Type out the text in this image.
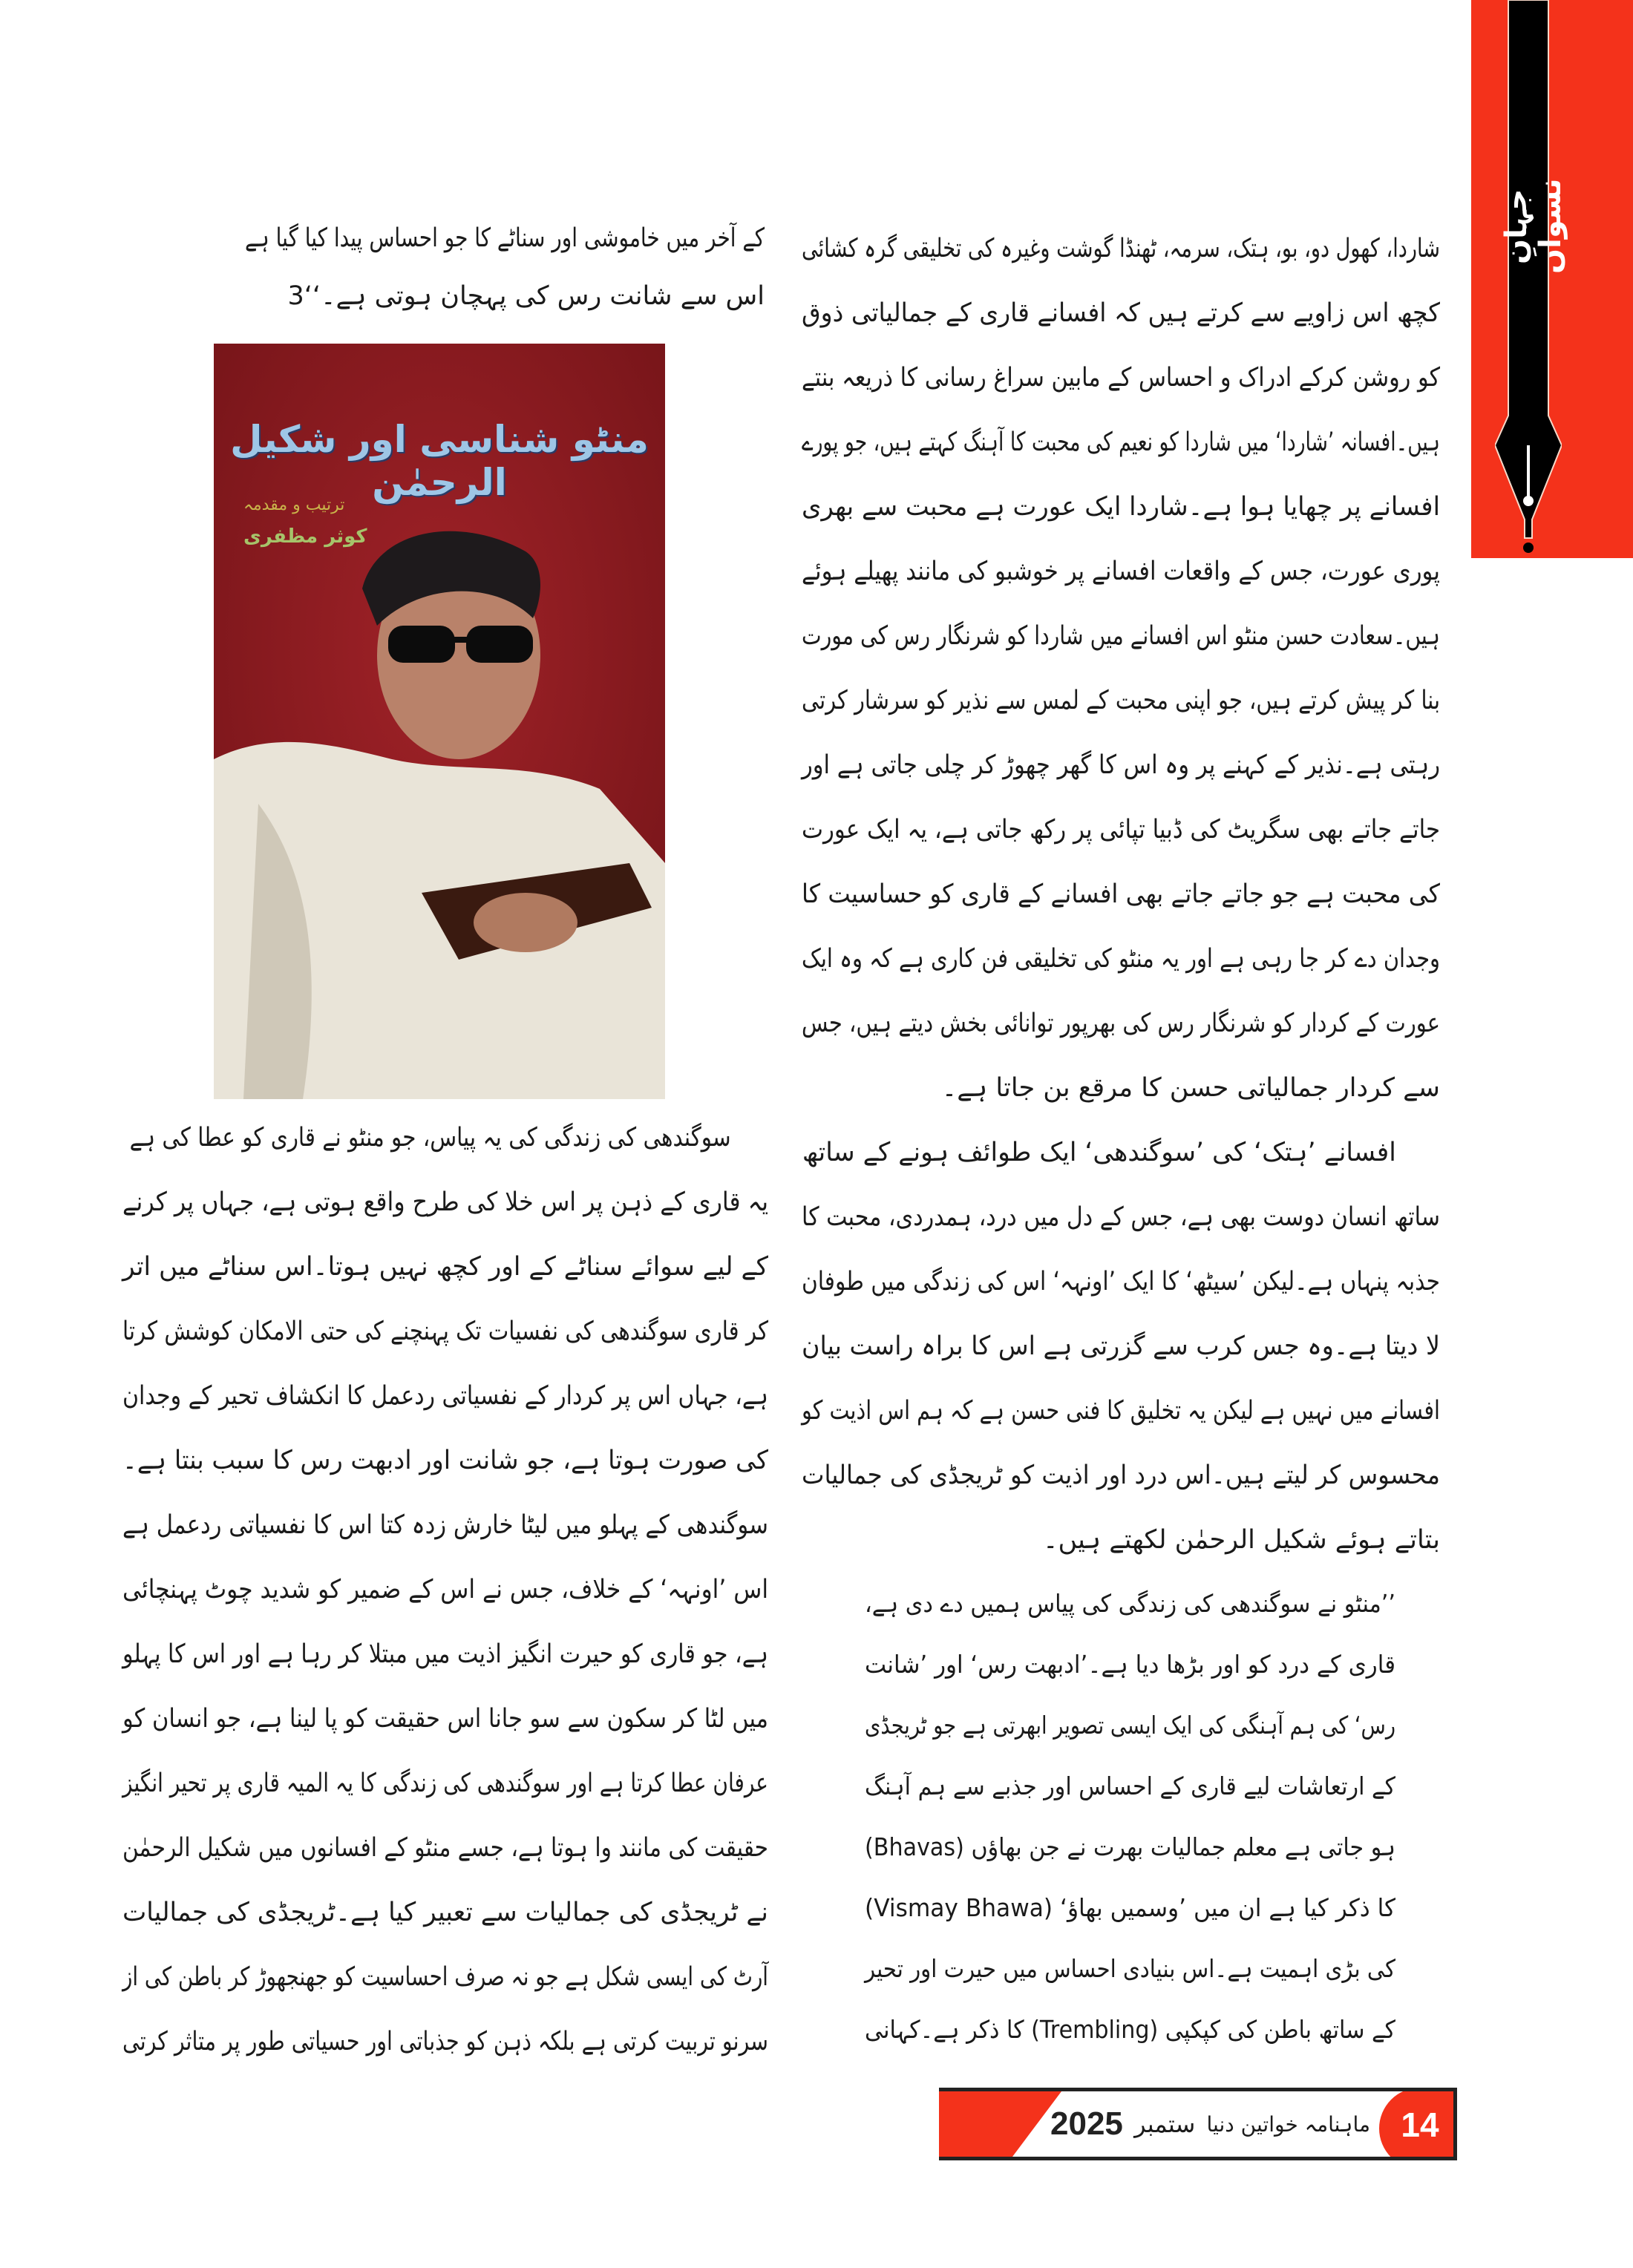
جہانِ نسواں
شاردا، کھول دو، بو، ہتک، سرمہ، ٹھنڈا گوشت وغیرہ کی تخلیقی گرہ کشائی
کچھ اس زاویے سے کرتے ہیں کہ افسانے قاری کے جمالیاتی ذوق
کو روشن کرکے ادراک و احساس کے مابین سراغ رسانی کا ذریعہ بنتے
ہیں۔افسانہ ’شاردا‘ میں شاردا کو نعیم کی محبت کا آہنگ کہتے ہیں، جو پورے
افسانے پر چھایا ہوا ہے۔شاردا ایک عورت ہے محبت سے بھری
پوری عورت، جس کے واقعات افسانے پر خوشبو کی مانند پھیلے ہوئے
ہیں۔سعادت حسن منٹو اس افسانے میں شاردا کو شرنگار رس کی مورت
بنا کر پیش کرتے ہیں، جو اپنی محبت کے لمس سے نذیر کو سرشار کرتی
رہتی ہے۔نذیر کے کہنے پر وہ اس کا گھر چھوڑ کر چلی جاتی ہے اور
جاتے جاتے بھی سگریٹ کی ڈبیا تپائی پر رکھ جاتی ہے، یہ ایک عورت
کی محبت ہے جو جاتے جاتے بھی افسانے کے قاری کو حساسیت کا
وجدان دے کر جا رہی ہے اور یہ منٹو کی تخلیقی فن کاری ہے کہ وہ ایک
عورت کے کردار کو شرنگار رس کی بھرپور توانائی بخش دیتے ہیں، جس
سے کردار جمالیاتی حسن کا مرقع بن جاتا ہے۔
افسانے ’ہتک‘ کی ’سوگندھی‘ ایک طوائف ہونے کے ساتھ
ساتھ انسان دوست بھی ہے، جس کے دل میں درد، ہمدردی، محبت کا
جذبہ پنہاں ہے۔لیکن ’سیٹھ‘ کا ایک ’اونہہ‘ اس کی زندگی میں طوفان
لا دیتا ہے۔وہ جس کرب سے گزرتی ہے اس کا براہ راست بیان
افسانے میں نہیں ہے لیکن یہ تخلیق کا فنی حسن ہے کہ ہم اس اذیت کو
محسوس کر لیتے ہیں۔اس درد اور اذیت کو ٹریجڈی کی جمالیات
بتاتے ہوئے شکیل الرحمٰن لکھتے ہیں۔
’’منٹو نے سوگندھی کی زندگی کی پیاس ہمیں دے دی ہے،
قاری کے درد کو اور بڑھا دیا ہے۔’ادبھت رس‘ اور ’شانت
رس‘ کی ہم آہنگی کی ایک ایسی تصویر ابھرتی ہے جو ٹریجڈی
کے ارتعاشات لیے قاری کے احساس اور جذبے سے ہم آہنگ
ہو جاتی ہے معلم جمالیات بھرت نے جن بھاؤں (Bhavas)
کا ذکر کیا ہے ان میں ’وسمیں بھاؤ‘ (Vismay Bhawa)
کی بڑی اہمیت ہے۔اس بنیادی احساس میں حیرت اور تحیر
کے ساتھ باطن کی کپکپی (Trembling) کا ذکر ہے۔کہانی
کے آخر میں خاموشی اور سناٹے کا جو احساس پیدا کیا گیا ہے
اس سے شانت رس کی پہچان ہوتی ہے۔‘‘3
منٹو شناسی اور شکیل الرحمٰن
ترتیب و مقدمہ
کوثر مظفری
سوگندھی کی زندگی کی یہ پیاس، جو منٹو نے قاری کو عطا کی ہے
یہ قاری کے ذہن پر اس خلا کی طرح واقع ہوتی ہے، جہاں پر کرنے
کے لیے سوائے سناٹے کے اور کچھ نہیں ہوتا۔اس سناٹے میں اتر
کر قاری سوگندھی کی نفسیات تک پہنچنے کی حتی الامکان کوشش کرتا
ہے، جہاں اس پر کردار کے نفسیاتی ردعمل کا انکشاف تحیر کے وجدان
کی صورت ہوتا ہے، جو شانت اور ادبھت رس کا سبب بنتا ہے۔
سوگندھی کے پہلو میں لیٹا خارش زدہ کتا اس کا نفسیاتی ردعمل ہے
اس ’اونہہ‘ کے خلاف، جس نے اس کے ضمیر کو شدید چوٹ پہنچائی
ہے، جو قاری کو حیرت انگیز اذیت میں مبتلا کر رہا ہے اور اس کا پہلو
میں لٹا کر سکون سے سو جانا اس حقیقت کو پا لینا ہے، جو انسان کو
عرفان عطا کرتا ہے اور سوگندھی کی زندگی کا یہ المیہ قاری پر تحیر انگیز
حقیقت کی مانند وا ہوتا ہے، جسے منٹو کے افسانوں میں شکیل الرحمٰن
نے ٹریجڈی کی جمالیات سے تعبیر کیا ہے۔ٹریجڈی کی جمالیات
آرٹ کی ایسی شکل ہے جو نہ صرف احساسیت کو جھنجھوڑ کر باطن کی از
سرنو تربیت کرتی ہے بلکہ ذہن کو جذباتی اور حسیاتی طور پر متاثر کرتی
2025 ستمبر ماہنامہ خواتین دنیا 14
